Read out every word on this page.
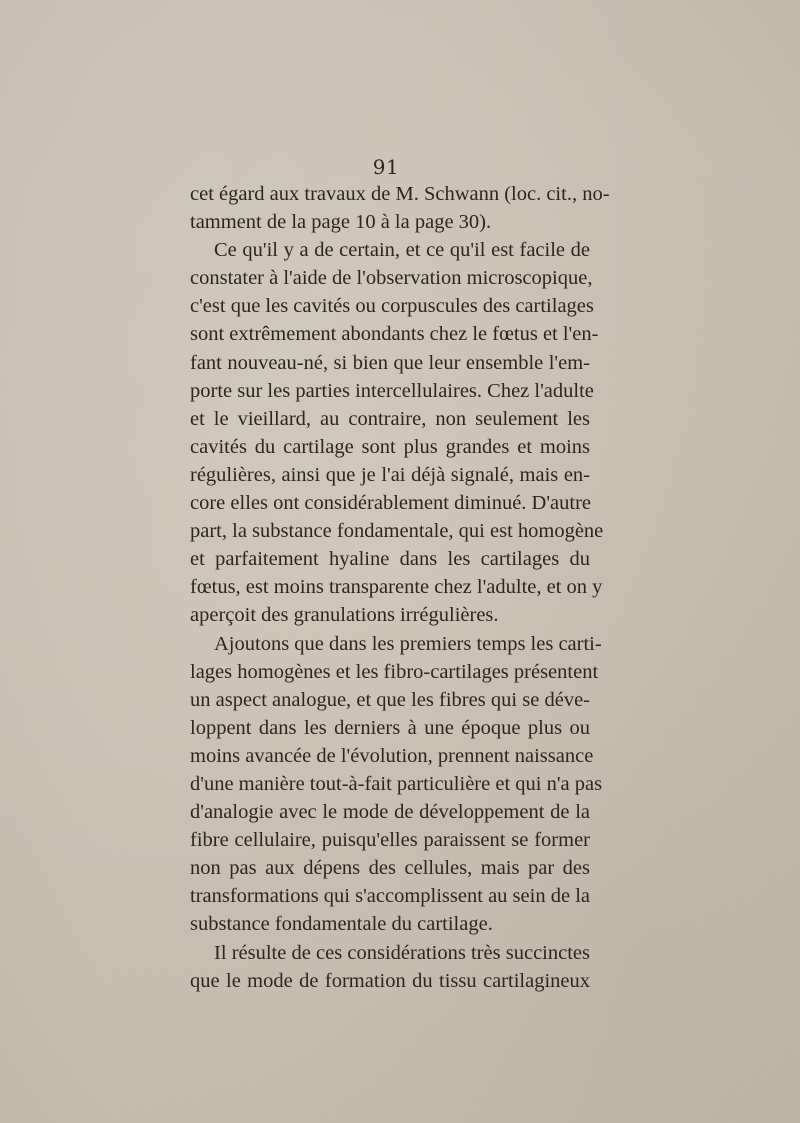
91
cet égard aux travaux de M. Schwann (loc. cit., no-
tamment de la page 10 à la page 30).
Ce qu'il y a de certain, et ce qu'il est facile de
constater à l'aide de l'observation microscopique,
c'est que les cavités ou corpuscules des cartilages
sont extrêmement abondants chez le fœtus et l'en-
fant nouveau-né, si bien que leur ensemble l'em-
porte sur les parties intercellulaires. Chez l'adulte
et le vieillard, au contraire, non seulement les
cavités du cartilage sont plus grandes et moins
régulières, ainsi que je l'ai déjà signalé, mais en-
core elles ont considérablement diminué. D'autre
part, la substance fondamentale, qui est homogène
et parfaitement hyaline dans les cartilages du
fœtus, est moins transparente chez l'adulte, et on y
aperçoit des granulations irrégulières.
Ajoutons que dans les premiers temps les carti-
lages homogènes et les fibro-cartilages présentent
un aspect analogue, et que les fibres qui se déve-
loppent dans les derniers à une époque plus ou
moins avancée de l'évolution, prennent naissance
d'une manière tout-à-fait particulière et qui n'a pas
d'analogie avec le mode de développement de la
fibre cellulaire, puisqu'elles paraissent se former
non pas aux dépens des cellules, mais par des
transformations qui s'accomplissent au sein de la
substance fondamentale du cartilage.
Il résulte de ces considérations très succinctes
que le mode de formation du tissu cartilagineux
